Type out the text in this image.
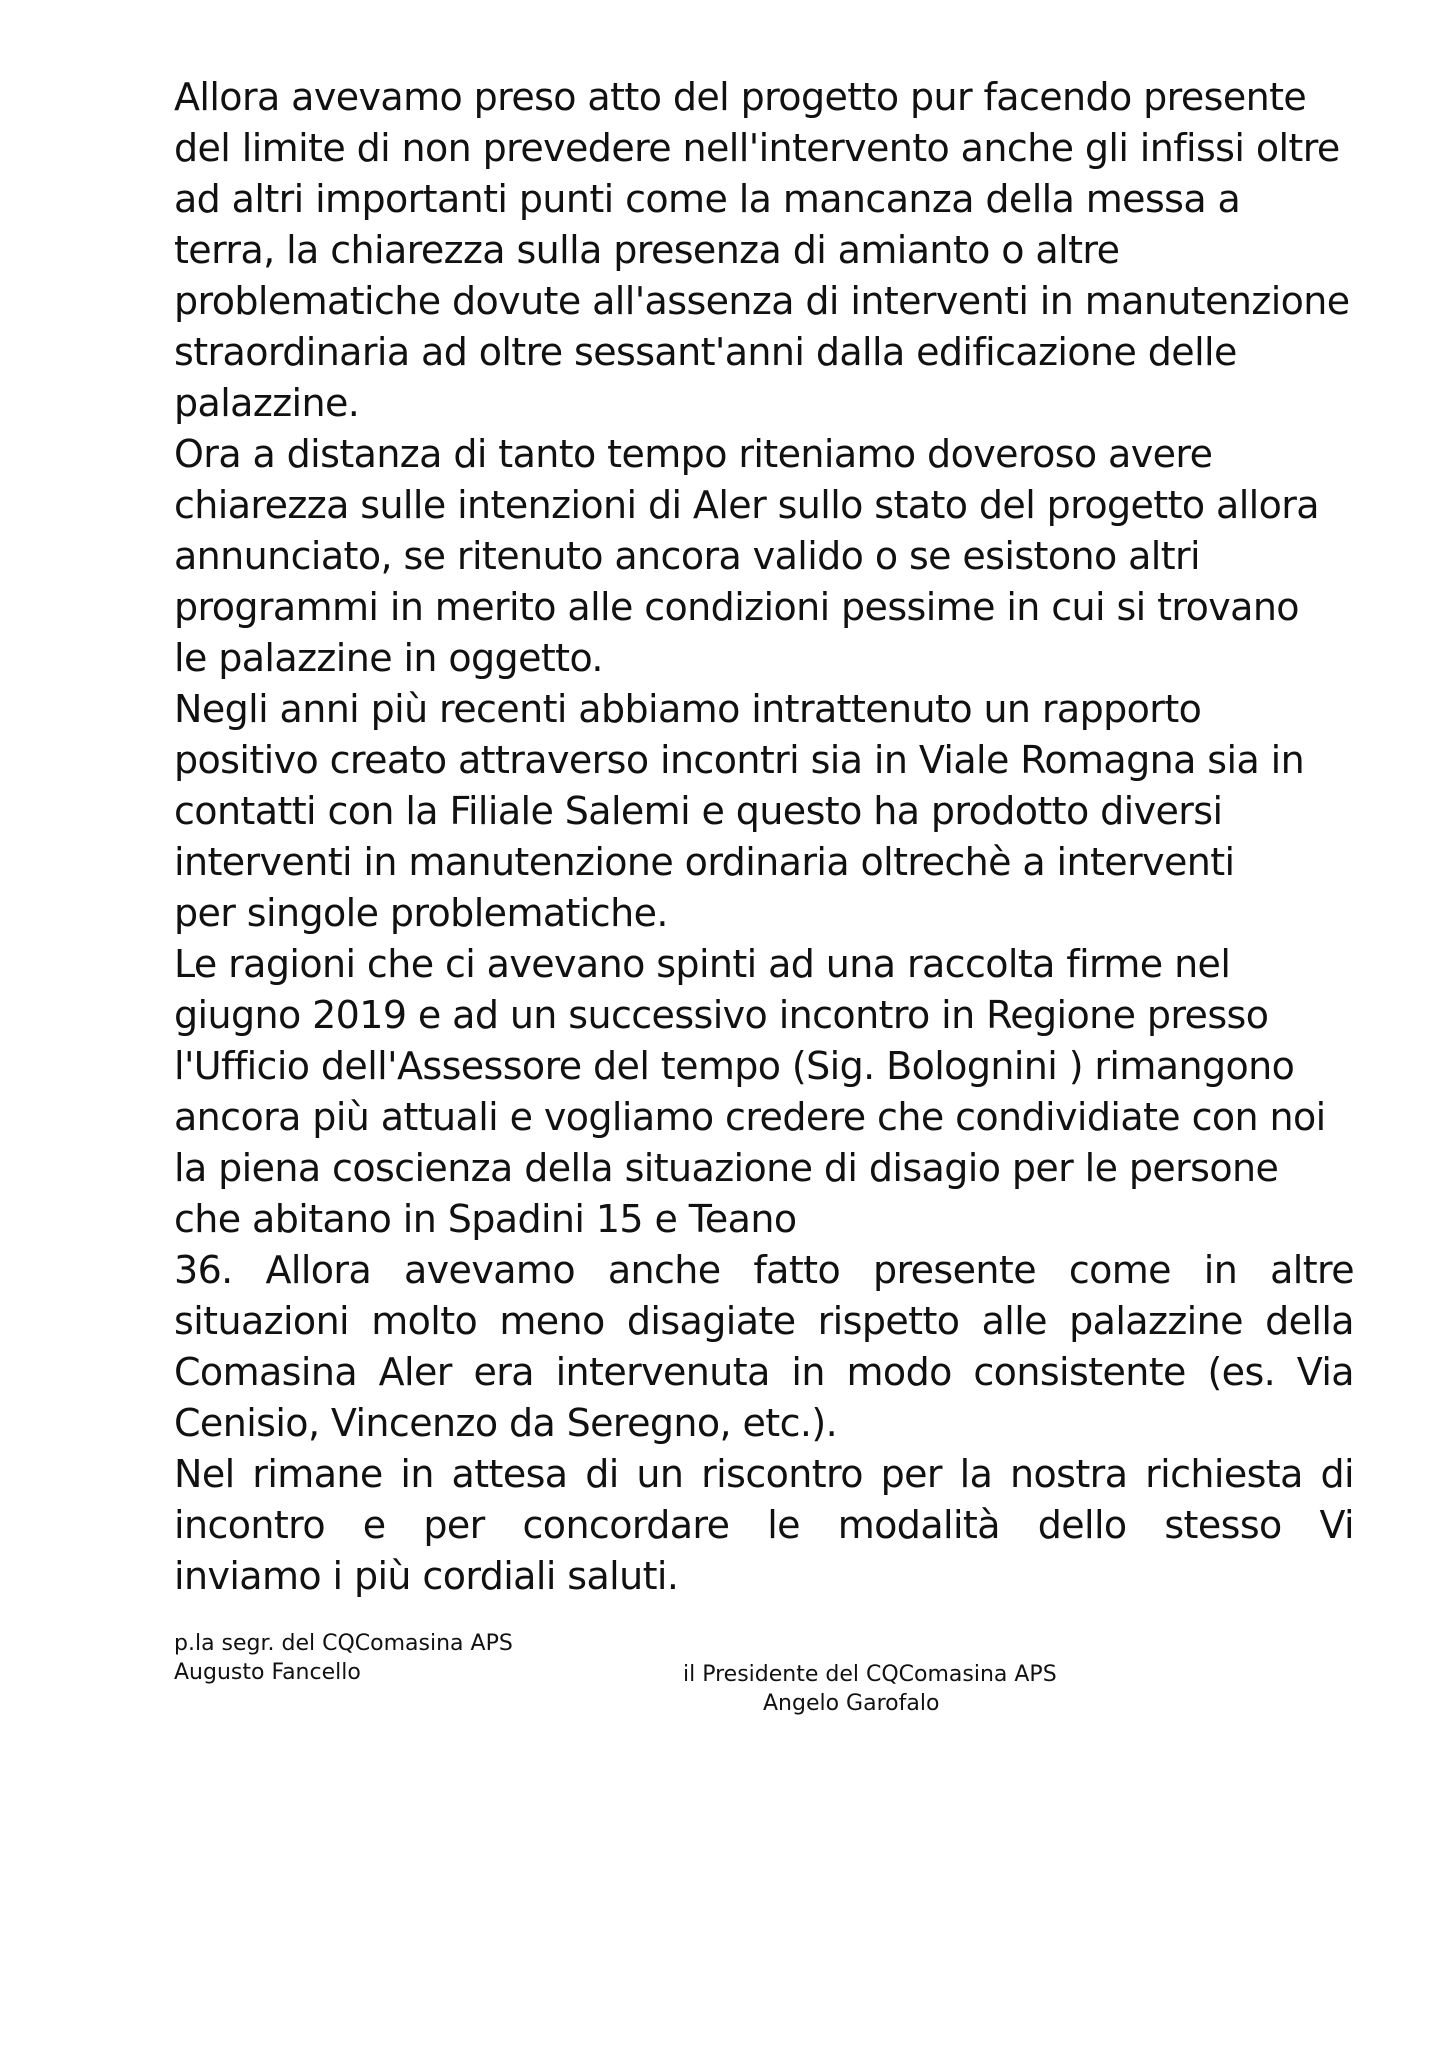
Allora avevamo preso atto del progetto pur facendo presente
del limite di non prevedere nell'intervento anche gli infissi oltre
ad altri importanti punti come la mancanza della messa a
terra, la chiarezza sulla presenza di amianto o altre
problematiche dovute all'assenza di interventi in manutenzione
straordinaria ad oltre sessant'anni dalla edificazione delle
palazzine.
Ora a distanza di tanto tempo riteniamo doveroso avere
chiarezza sulle intenzioni di Aler sullo stato del progetto allora
annunciato, se ritenuto ancora valido o se esistono altri
programmi in merito alle condizioni pessime in cui si trovano
le palazzine in oggetto.
Negli anni più recenti abbiamo intrattenuto un rapporto
positivo creato attraverso incontri sia in Viale Romagna sia in
contatti con la Filiale Salemi e questo ha prodotto diversi
interventi in manutenzione ordinaria oltrechè a interventi
per singole problematiche.
Le ragioni che ci avevano spinti ad una raccolta firme nel
giugno 2019 e ad un successivo incontro in Regione presso
l'Ufficio dell'Assessore del tempo (Sig. Bolognini ) rimangono
ancora più attuali e vogliamo credere che condividiate con noi
la piena coscienza della situazione di disagio per le persone
che abitano in Spadini 15 e Teano
36. Allora avevamo anche fatto presente come in altre
situazioni molto meno disagiate rispetto alle palazzine della
Comasina Aler era intervenuta in modo consistente (es. Via
Cenisio, Vincenzo da Seregno, etc.).
Nel rimane in attesa di un riscontro per la nostra richiesta di
incontro e per concordare le modalità dello stesso Vi
inviamo i più cordiali saluti.
p.la segr. del CQComasina APS
Augusto Fancello	il Presidente del CQComasina APS
Angelo Garofalo
